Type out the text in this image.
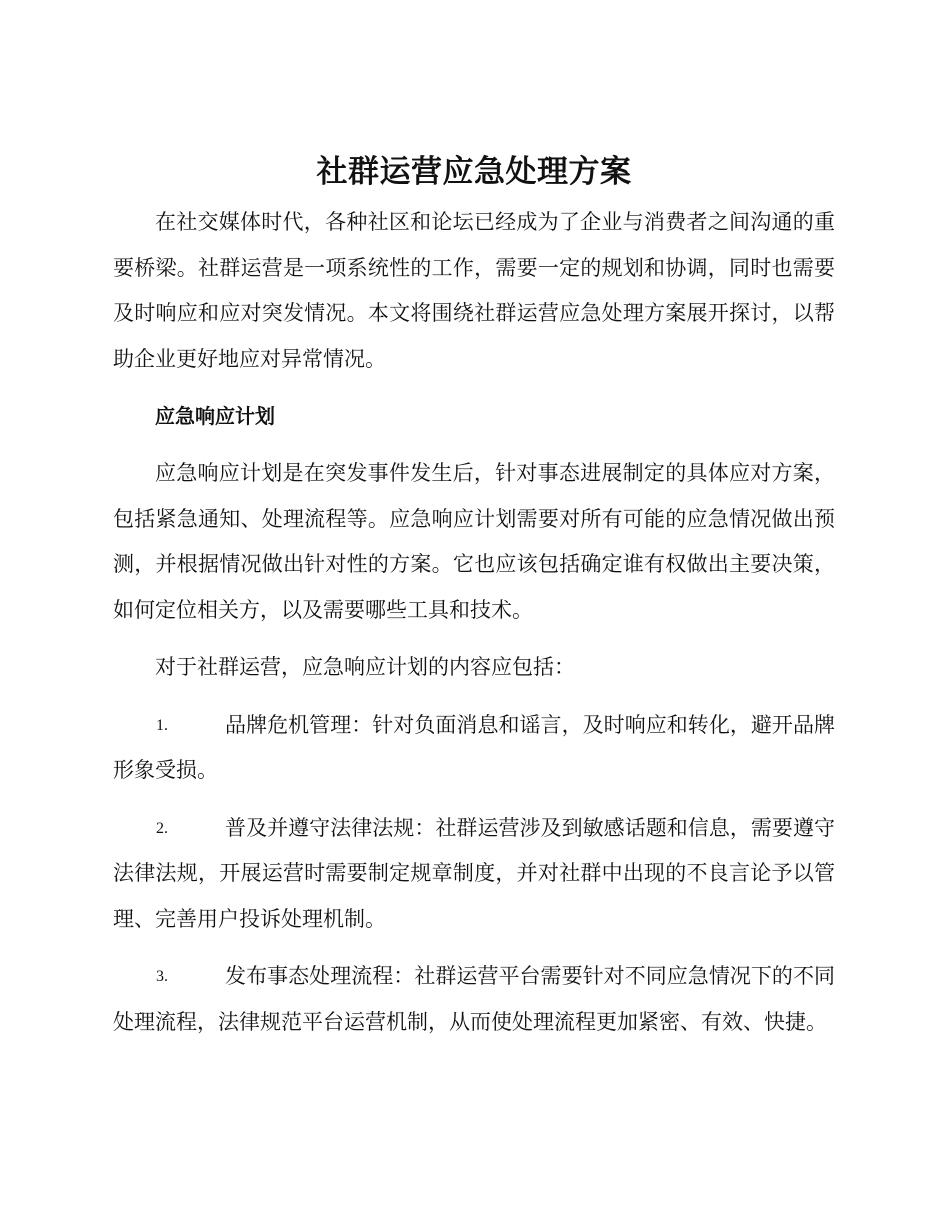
社群运营应急处理方案

在社交媒体时代，各种社区和论坛已经成为了企业与消费者之间沟通的重要桥梁。社群运营是一项系统性的工作，需要一定的规划和协调，同时也需要及时响应和应对突发情况。本文将围绕社群运营应急处理方案展开探讨，以帮助企业更好地应对异常情况。

应急响应计划

应急响应计划是在突发事件发生后，针对事态进展制定的具体应对方案，包括紧急通知、处理流程等。应急响应计划需要对所有可能的应急情况做出预测，并根据情况做出针对性的方案。它也应该包括确定谁有权做出主要决策，如何定位相关方，以及需要哪些工具和技术。

对于社群运营，应急响应计划的内容应包括：

1.	品牌危机管理：针对负面消息和谣言，及时响应和转化，避开品牌形象受损。

2.	普及并遵守法律法规：社群运营涉及到敏感话题和信息，需要遵守法律法规，开展运营时需要制定规章制度，并对社群中出现的不良言论予以管理、完善用户投诉处理机制。

3.	发布事态处理流程：社群运营平台需要针对不同应急情况下的不同处理流程，法律规范平台运营机制，从而使处理流程更加紧密、有效、快捷。
